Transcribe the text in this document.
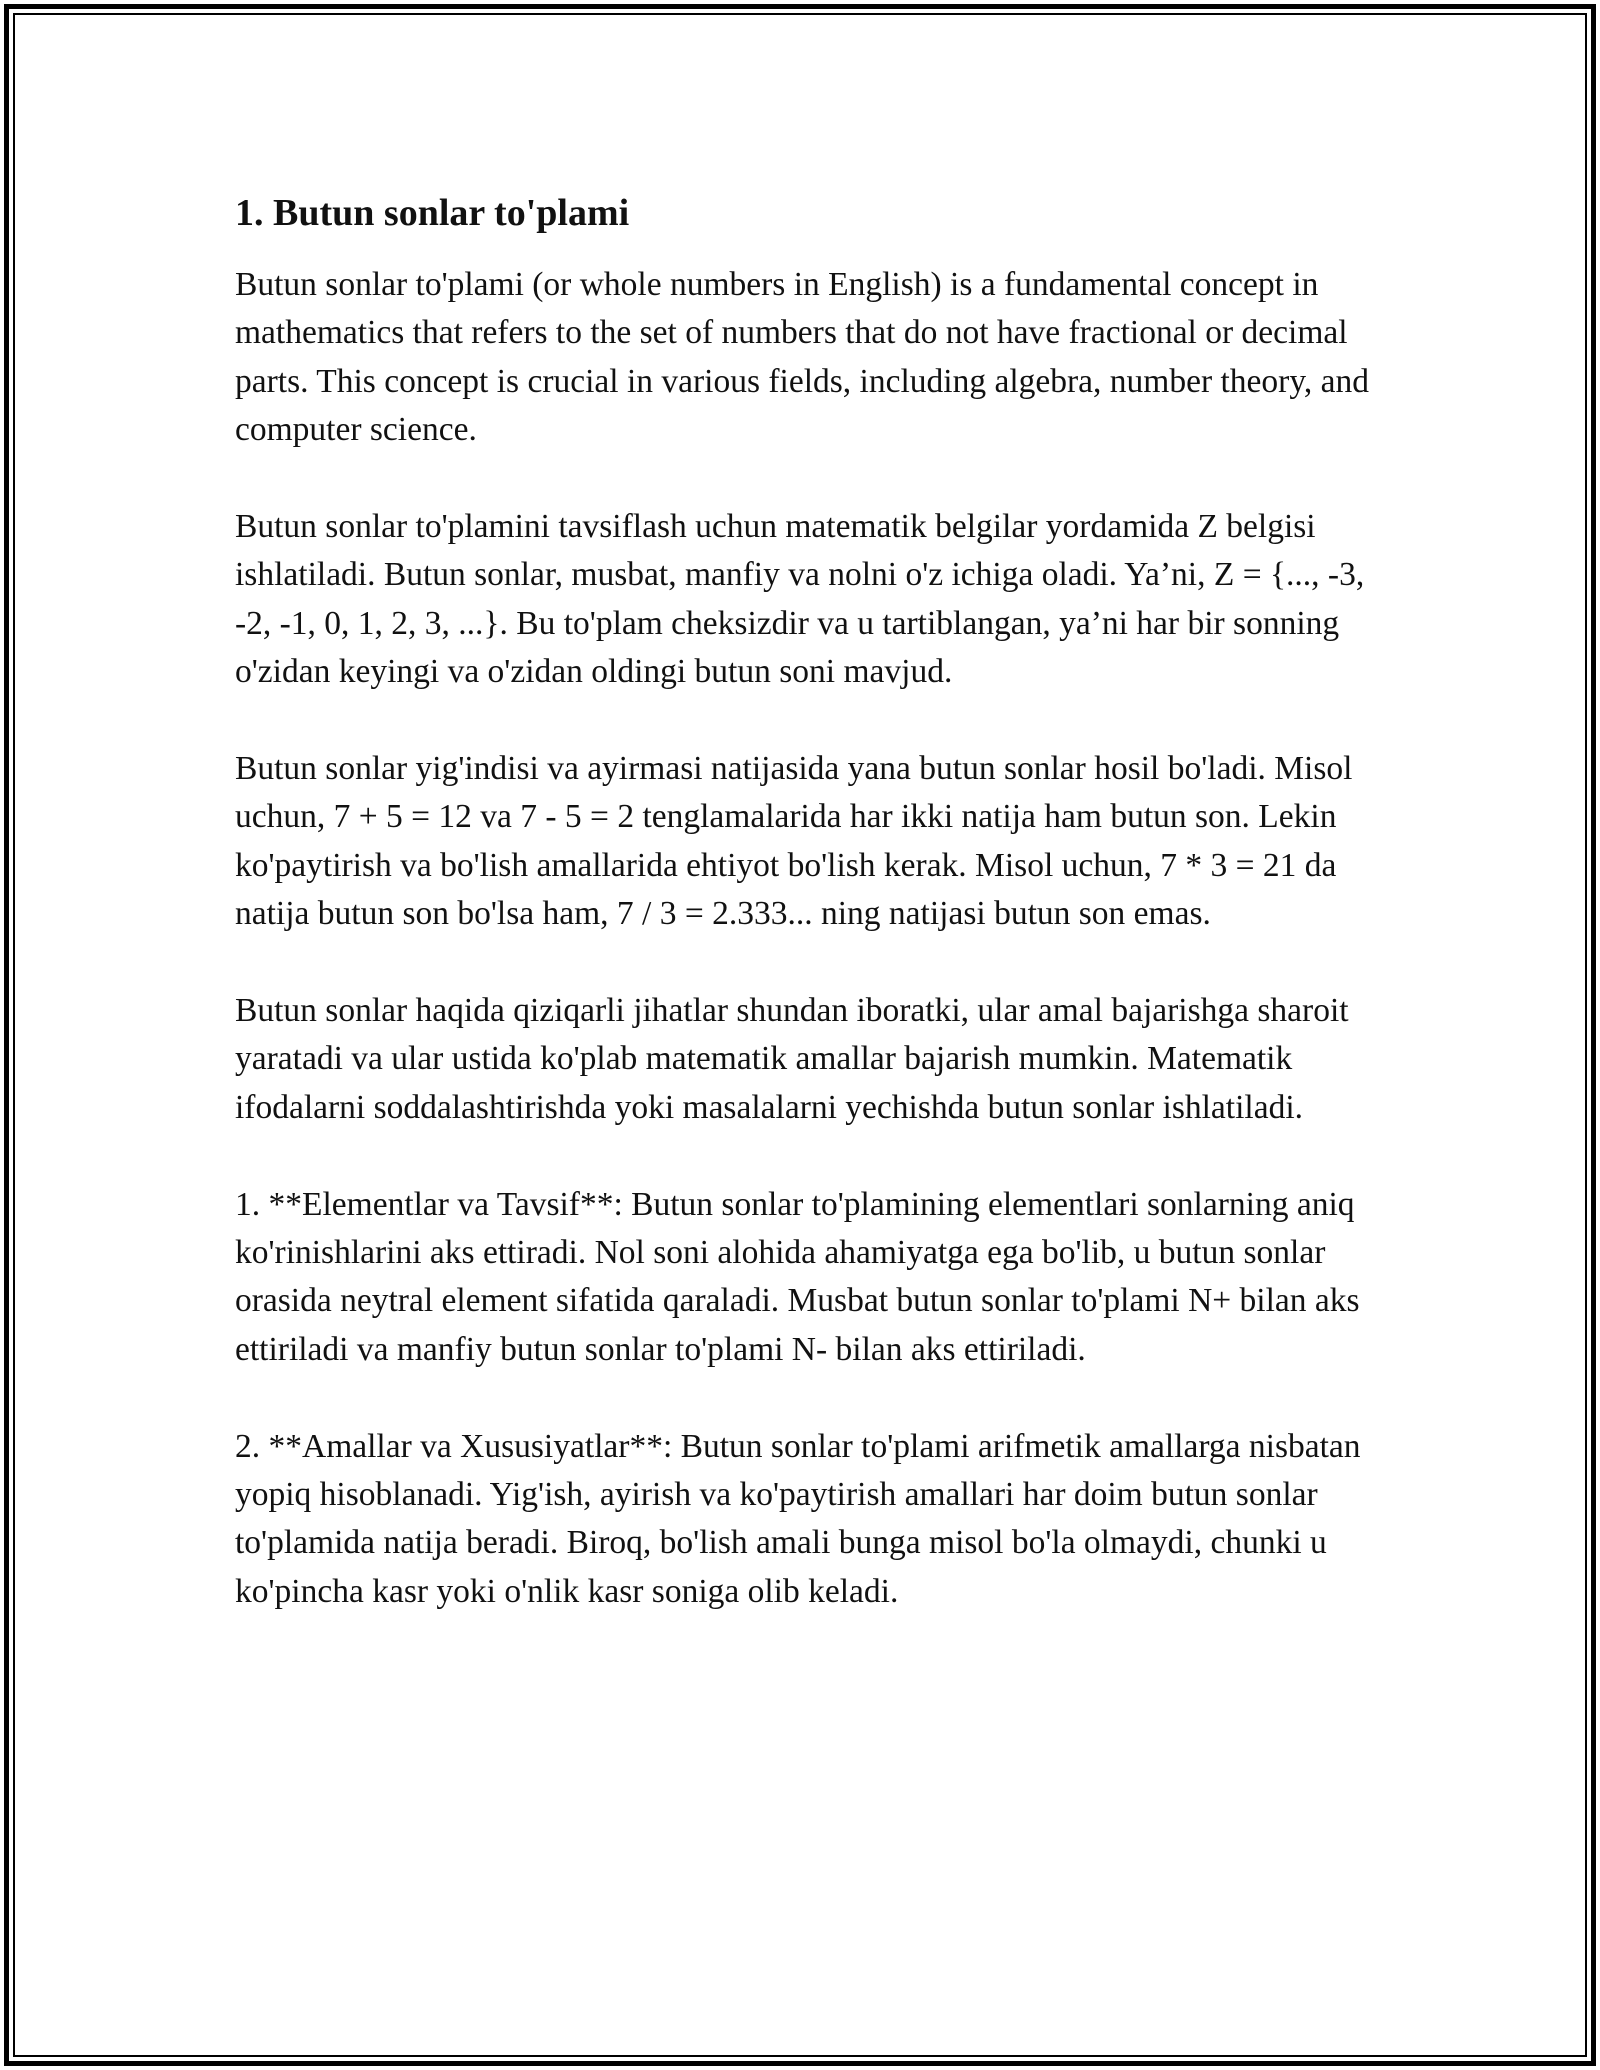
1. Butun sonlar to'plami

Butun sonlar to'plami (or whole numbers in English) is a fundamental concept in mathematics that refers to the set of numbers that do not have fractional or decimal parts. This concept is crucial in various fields, including algebra, number theory, and computer science.

Butun sonlar to'plamini tavsiflash uchun matematik belgilar yordamida Z belgisi ishlatiladi. Butun sonlar, musbat, manfiy va nolni o'z ichiga oladi. Ya’ni, Z = {..., -3, -2, -1, 0, 1, 2, 3, ...}. Bu to'plam cheksizdir va u tartiblangan, ya’ni har bir sonning o'zidan keyingi va o'zidan oldingi butun soni mavjud.

Butun sonlar yig'indisi va ayirmasi natijasida yana butun sonlar hosil bo'ladi. Misol uchun, 7 + 5 = 12 va 7 - 5 = 2 tenglamalarida har ikki natija ham butun son. Lekin ko'paytirish va bo'lish amallarida ehtiyot bo'lish kerak. Misol uchun, 7 * 3 = 21 da natija butun son bo'lsa ham, 7 / 3 = 2.333... ning natijasi butun son emas.

Butun sonlar haqida qiziqarli jihatlar shundan iboratki, ular amal bajarishga sharoit yaratadi va ular ustida ko'plab matematik amallar bajarish mumkin. Matematik ifodalarni soddalashtirishda yoki masalalarni yechishda butun sonlar ishlatiladi.

1. **Elementlar va Tavsif**: Butun sonlar to'plamining elementlari sonlarning aniq ko'rinishlarini aks ettiradi. Nol soni alohida ahamiyatga ega bo'lib, u butun sonlar orasida neytral element sifatida qaraladi. Musbat butun sonlar to'plami N+ bilan aks ettiriladi va manfiy butun sonlar to'plami N- bilan aks ettiriladi.

2. **Amallar va Xususiyatlar**: Butun sonlar to'plami arifmetik amallarga nisbatan yopiq hisoblanadi. Yig'ish, ayirish va ko'paytirish amallari har doim butun sonlar to'plamida natija beradi. Biroq, bo'lish amali bunga misol bo'la olmaydi, chunki u ko'pincha kasr yoki o'nlik kasr soniga olib keladi.
